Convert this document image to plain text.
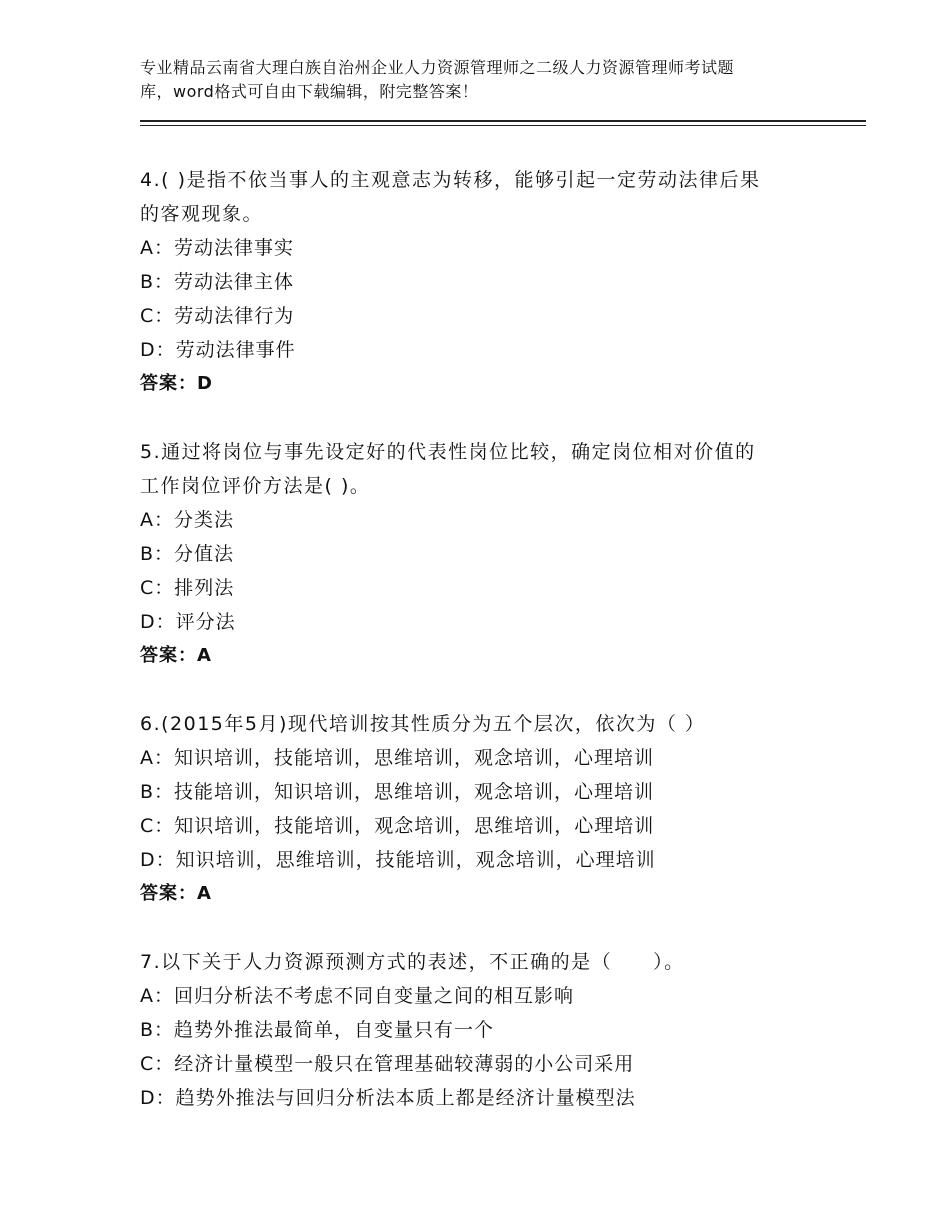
专业精品云南省大理白族自治州企业人力资源管理师之二级人力资源管理师考试题
库，word格式可自由下载编辑，附完整答案！
4.( )是指不依当事人的主观意志为转移，能够引起一定劳动法律后果
的客观现象。
A：劳动法律事实
B：劳动法律主体
C：劳动法律行为
D：劳动法律事件
答案：D
5.通过将岗位与事先设定好的代表性岗位比较，确定岗位相对价值的
工作岗位评价方法是( )。
A：分类法
B：分值法
C：排列法
D：评分法
答案：A
6.(2015年5月)现代培训按其性质分为五个层次，依次为（ ）
A：知识培训，技能培训，思维培训，观念培训，心理培训
B：技能培训，知识培训，思维培训，观念培训，心理培训
C：知识培训，技能培训，观念培训，思维培训，心理培训
D：知识培训，思维培训，技能培训，观念培训，心理培训
答案：A
7.以下关于人力资源预测方式的表述，不正确的是（　　）。
A：回归分析法不考虑不同自变量之间的相互影响
B：趋势外推法最简单，自变量只有一个
C：经济计量模型一般只在管理基础较薄弱的小公司采用
D：趋势外推法与回归分析法本质上都是经济计量模型法
